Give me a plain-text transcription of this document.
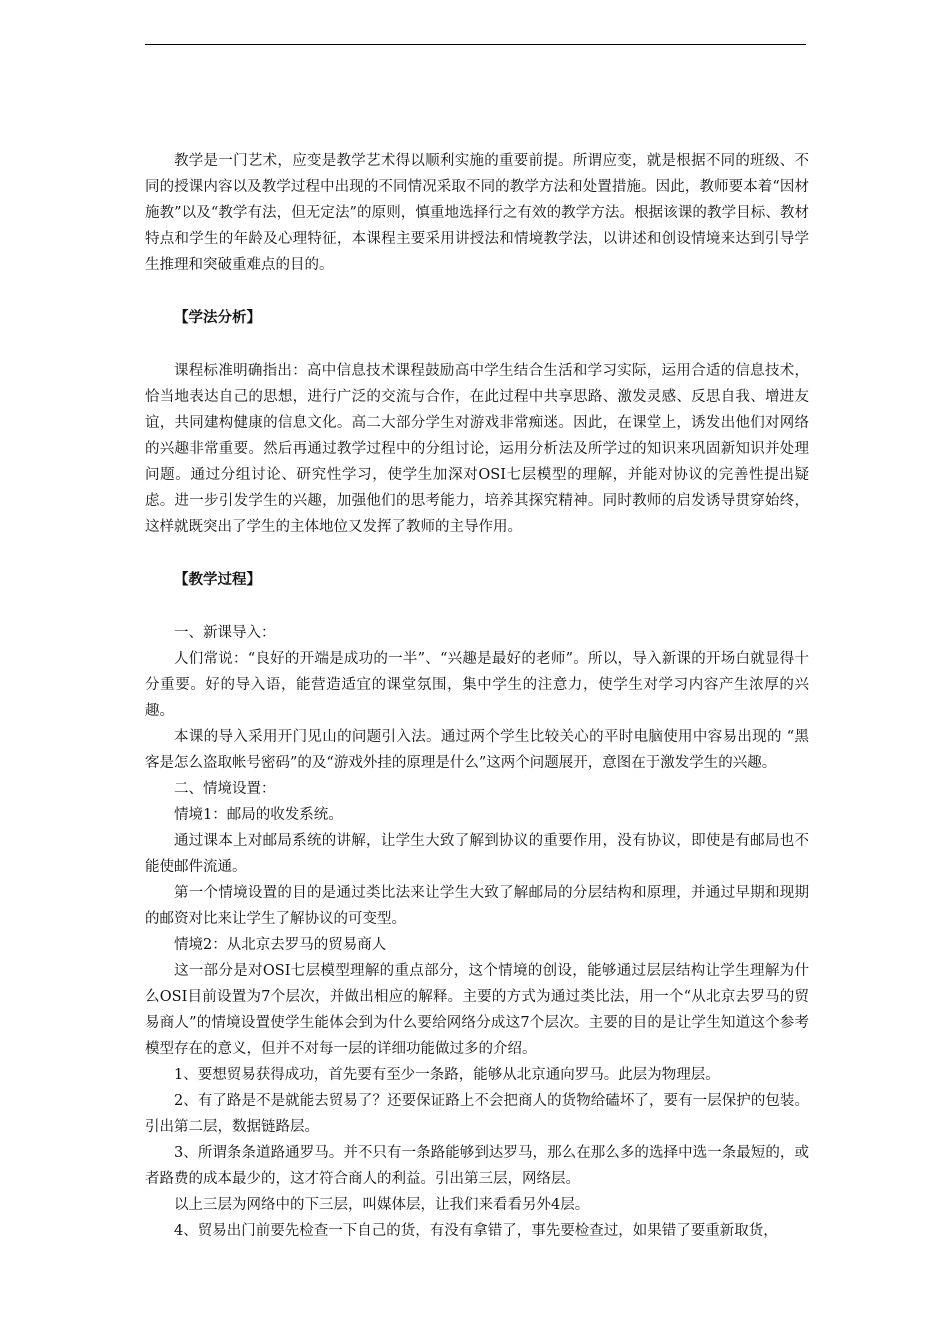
教学是一门艺术，应变是教学艺术得以顺利实施的重要前提。所谓应变，就是根据不同的班级、不同的授课内容以及教学过程中出现的不同情况采取不同的教学方法和处置措施。因此，教师要本着“因材施教”以及“教学有法，但无定法”的原则，慎重地选择行之有效的教学方法。根据该课的教学目标、教材特点和学生的年龄及心理特征，本课程主要采用讲授法和情境教学法，以讲述和创设情境来达到引导学生推理和突破重难点的目的。

【学法分析】

课程标准明确指出：高中信息技术课程鼓励高中学生结合生活和学习实际，运用合适的信息技术，恰当地表达自己的思想，进行广泛的交流与合作，在此过程中共享思路、激发灵感、反思自我、增进友谊，共同建构健康的信息文化。高二大部分学生对游戏非常痴迷。因此，在课堂上，诱发出他们对网络的兴趣非常重要。然后再通过教学过程中的分组讨论，运用分析法及所学过的知识来巩固新知识并处理问题。通过分组讨论、研究性学习，使学生加深对OSI七层模型的理解，并能对协议的完善性提出疑虑。进一步引发学生的兴趣，加强他们的思考能力，培养其探究精神。同时教师的启发诱导贯穿始终，这样就既突出了学生的主体地位又发挥了教师的主导作用。

【教学过程】

一、新课导入：

人们常说：“良好的开端是成功的一半”、“兴趣是最好的老师”。所以，导入新课的开场白就显得十分重要。好的导入语，能营造适宜的课堂氛围，集中学生的注意力，使学生对学习内容产生浓厚的兴趣。

本课的导入采用开门见山的问题引入法。通过两个学生比较关心的平时电脑使用中容易出现的 “黑客是怎么盗取帐号密码”的及“游戏外挂的原理是什么”这两个问题展开，意图在于激发学生的兴趣。

二、情境设置：

情境1：邮局的收发系统。

通过课本上对邮局系统的讲解，让学生大致了解到协议的重要作用，没有协议，即使是有邮局也不能使邮件流通。

第一个情境设置的目的是通过类比法来让学生大致了解邮局的分层结构和原理，并通过早期和现期的邮资对比来让学生了解协议的可变型。

情境2：从北京去罗马的贸易商人

这一部分是对OSI七层模型理解的重点部分，这个情境的创设，能够通过层层结构让学生理解为什么OSI目前设置为7个层次，并做出相应的解释。主要的方式为通过类比法，用一个“从北京去罗马的贸易商人”的情境设置使学生能体会到为什么要给网络分成这7个层次。主要的目的是让学生知道这个参考模型存在的意义，但并不对每一层的详细功能做过多的介绍。

1、要想贸易获得成功，首先要有至少一条路，能够从北京通向罗马。此层为物理层。

2、有了路是不是就能去贸易了？还要保证路上不会把商人的货物给磕坏了，要有一层保护的包装。引出第二层，数据链路层。

3、所谓条条道路通罗马。并不只有一条路能够到达罗马，那么在那么多的选择中选一条最短的，或者路费的成本最少的，这才符合商人的利益。引出第三层，网络层。

以上三层为网络中的下三层，叫媒体层，让我们来看看另外4层。

4、贸易出门前要先检查一下自己的货，有没有拿错了，事先要检查过，如果错了要重新取货，
